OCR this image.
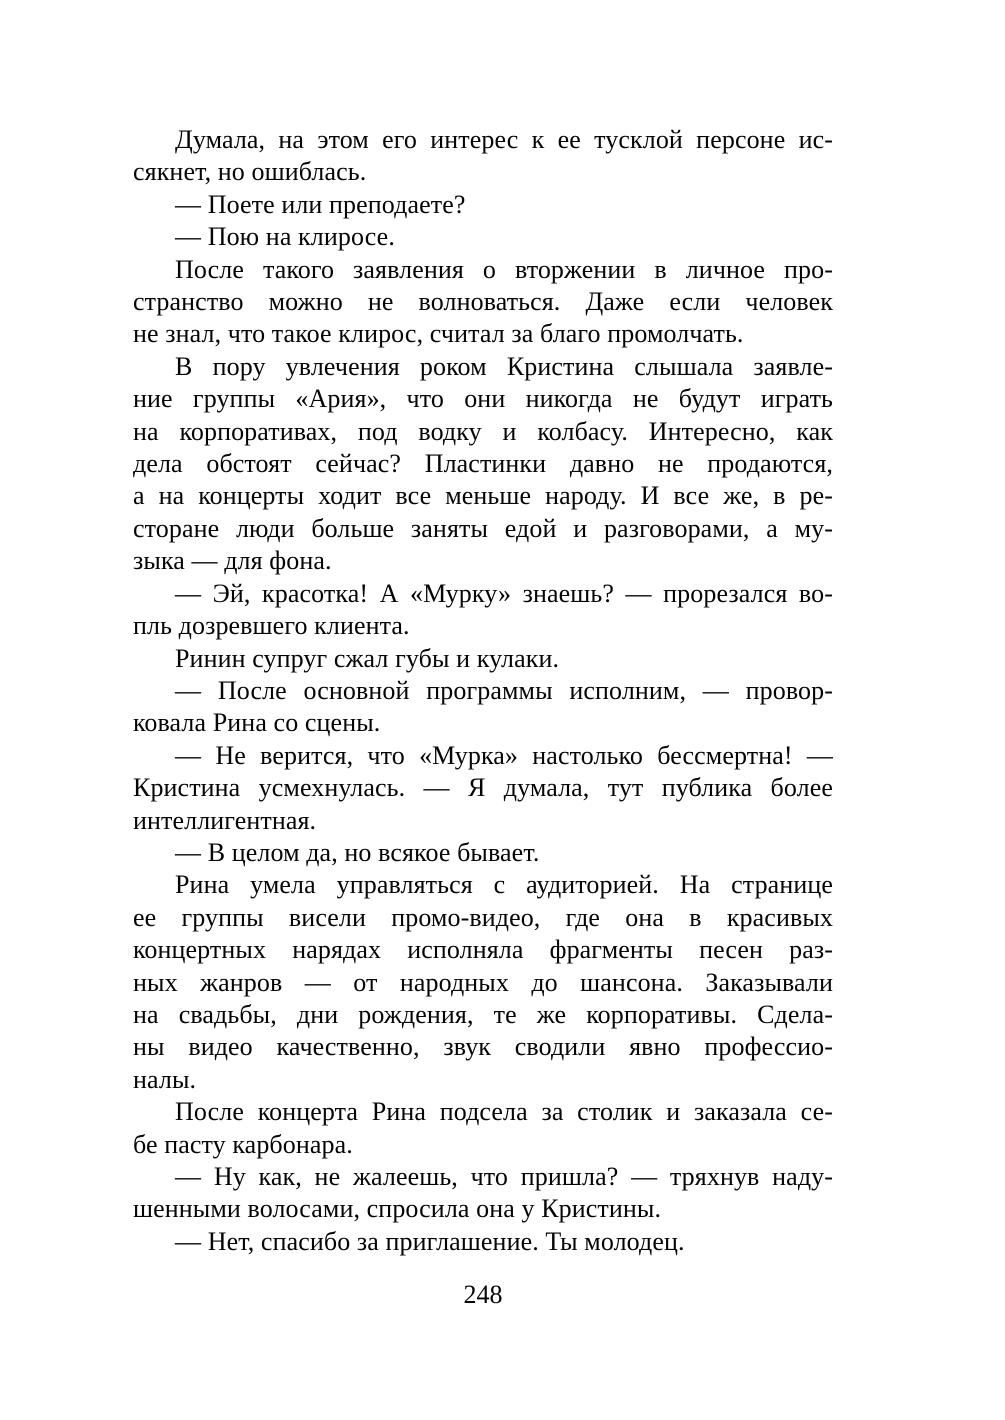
Думала, на этом его интерес к ее тусклой персоне ис-
сякнет, но ошиблась.
— Поете или преподаете?
— Пою на клиросе.
После такого заявления о вторжении в личное про-
странство можно не волноваться. Даже если человек
не знал, что такое клирос, считал за благо промолчать.
В пору увлечения роком Кристина слышала заявле-
ние группы «Ария», что они никогда не будут играть
на корпоративах, под водку и колбасу. Интересно, как
дела обстоят сейчас? Пластинки давно не продаются,
а на концерты ходит все меньше народу. И все же, в ре-
сторане люди больше заняты едой и разговорами, а му-
зыка — для фона.
— Эй, красотка! А «Мурку» знаешь? — прорезался во-
пль дозревшего клиента.
Ринин супруг сжал губы и кулаки.
— После основной программы исполним, — провор-
ковала Рина со сцены.
— Не верится, что «Мурка» настолько бессмертна! —
Кристина усмехнулась. — Я думала, тут публика более
интеллигентная.
— В целом да, но всякое бывает.
Рина умела управляться с аудиторией. На странице
ее группы висели промо-видео, где она в красивых
концертных нарядах исполняла фрагменты песен раз-
ных жанров — от народных до шансона. Заказывали
на свадьбы, дни рождения, те же корпоративы. Сдела-
ны видео качественно, звук сводили явно профессио-
налы.
После концерта Рина подсела за столик и заказала се-
бе пасту карбонара.
— Ну как, не жалеешь, что пришла? — тряхнув наду-
шенными волосами, спросила она у Кристины.
— Нет, спасибо за приглашение. Ты молодец.
248
